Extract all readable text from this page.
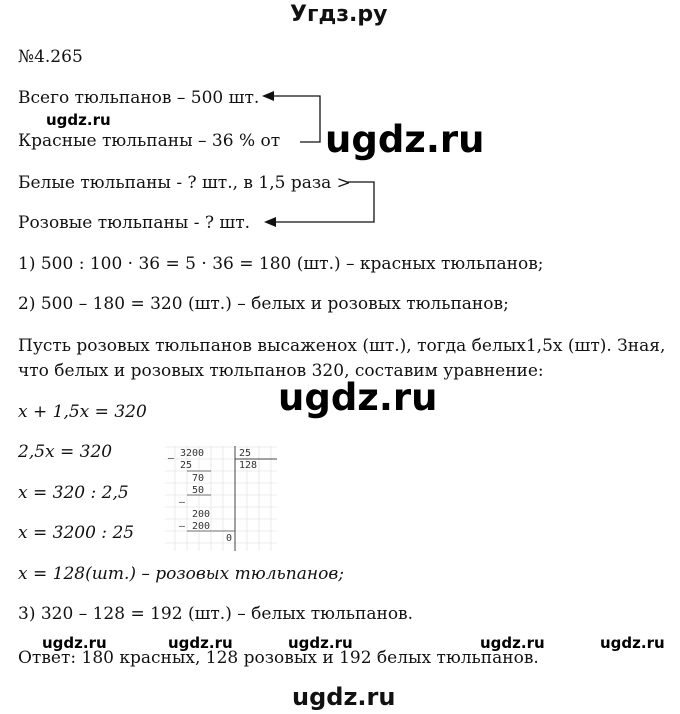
Угдз.ру
№4.265
Всего тюльпанов – 500 шт.
ugdz.ru
Красные тюльпаны – 36 % от ugdz.ru
Белые тюльпаны - ? шт., в 1,5 раза >
Розовые тюльпаны - ? шт.
1) 500 : 100 · 36 = 5 · 36 = 180 (шт.) – красных тюльпанов;
2) 500 – 180 = 320 (шт.) – белых и розовых тюльпанов;
Пусть розовых тюльпанов высаженох (шт.), тогда белых1,5x (шт). Зная,
что белых и розовых тюльпанов 320, составим уравнение:
ugdz.ru
x + 1,5x = 320
2,5x = 320
x = 320 : 2,5
x = 3200 : 25
–
–
–
3200	25
128
25
70
50
200
200
0
x = 128(шт.) – розовых тюльпанов;
3) 320 – 128 = 192 (шт.) – белых тюльпанов.
ugdz.ru	ugdz.ru	ugdz.ru	ugdz.ru	ugdz.ru
Ответ: 180 красных, 128 розовых и 192 белых тюльпанов.
ugdz.ru
